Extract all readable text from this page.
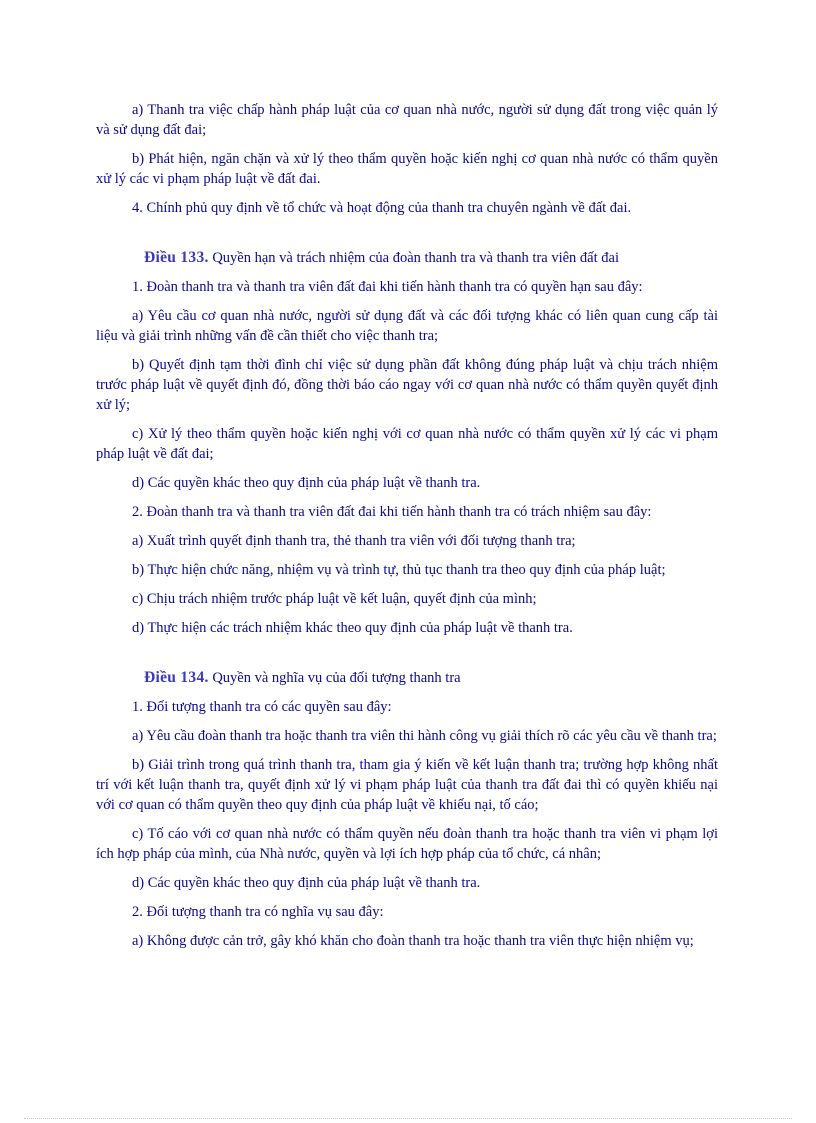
a) Thanh tra việc chấp hành pháp luật của cơ quan nhà nước, người sử dụng đất trong việc quản lý và sử dụng đất đai;

b) Phát hiện, ngăn chặn và xử lý theo thẩm quyền hoặc kiến nghị cơ quan nhà nước có thẩm quyền xử lý các vi phạm pháp luật về đất đai.

4. Chính phủ quy định về tổ chức và hoạt động của thanh tra chuyên ngành về đất đai.

Điều 133. Quyền hạn và trách nhiệm của đoàn thanh tra và thanh tra viên đất đai

1. Đoàn thanh tra và thanh tra viên đất đai khi tiến hành thanh tra có quyền hạn sau đây:

a) Yêu cầu cơ quan nhà nước, người sử dụng đất và các đối tượng khác có liên quan cung cấp tài liệu và giải trình những vấn đề cần thiết cho việc thanh tra;

b) Quyết định tạm thời đình chỉ việc sử dụng phần đất không đúng pháp luật và chịu trách nhiệm trước pháp luật về quyết định đó, đồng thời báo cáo ngay với cơ quan nhà nước có thẩm quyền quyết định xử lý;

c) Xử lý theo thẩm quyền hoặc kiến nghị với cơ quan nhà nước có thẩm quyền xử lý các vi phạm pháp luật về đất đai;

d) Các quyền khác theo quy định của pháp luật về thanh tra.

2. Đoàn thanh tra và thanh tra viên đất đai khi tiến hành thanh tra có trách nhiệm sau đây:

a) Xuất trình quyết định thanh tra, thẻ thanh tra viên với đối tượng thanh tra;

b) Thực hiện chức năng, nhiệm vụ và trình tự, thủ tục thanh tra theo quy định của pháp luật;

c) Chịu trách nhiệm trước pháp luật về kết luận, quyết định của mình;

d) Thực hiện các trách nhiệm khác theo quy định của pháp luật về thanh tra.

Điều 134. Quyền và nghĩa vụ của đối tượng thanh tra

1. Đối tượng thanh tra có các quyền sau đây:

a) Yêu cầu đoàn thanh tra hoặc thanh tra viên thi hành công vụ giải thích rõ các yêu cầu về thanh tra;

b) Giải trình trong quá trình thanh tra, tham gia ý kiến về kết luận thanh tra; trường hợp không nhất trí với kết luận thanh tra, quyết định xử lý vi phạm pháp luật của thanh tra đất đai thì có quyền khiếu nại với cơ quan có thẩm quyền theo quy định của pháp luật về khiếu nại, tố cáo;

c) Tố cáo với cơ quan nhà nước có thẩm quyền nếu đoàn thanh tra hoặc thanh tra viên vi phạm lợi ích hợp pháp của mình, của Nhà nước, quyền và lợi ích hợp pháp của tổ chức, cá nhân;

d) Các quyền khác theo quy định của pháp luật về thanh tra.

2. Đối tượng thanh tra có nghĩa vụ sau đây:

a) Không được cản trở, gây khó khăn cho đoàn thanh tra hoặc thanh tra viên thực hiện nhiệm vụ;
